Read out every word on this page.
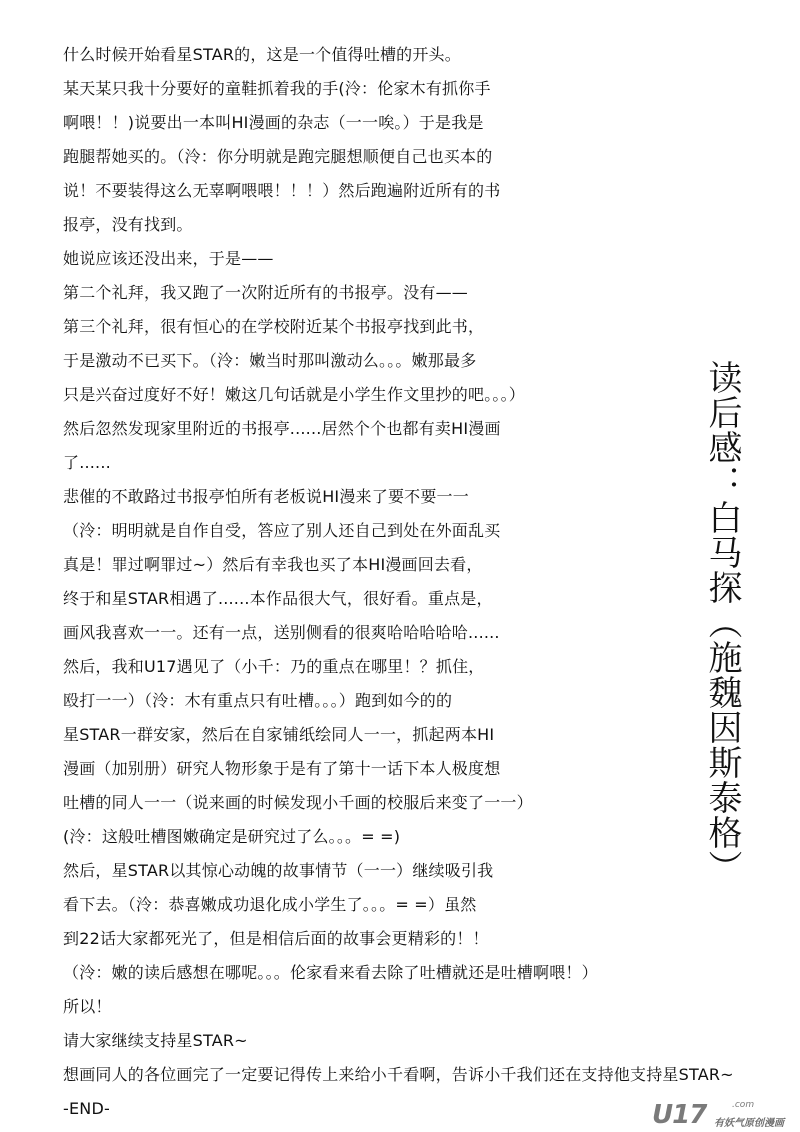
什么时候开始看星STAR的，这是一个值得吐槽的开头。
某天某只我十分要好的童鞋抓着我的手(泠：伦家木有抓你手
啊喂！！)说要出一本叫HI漫画的杂志（一一唉。）于是我是
跑腿帮她买的。（泠：你分明就是跑完腿想顺便自己也买本的
说！不要装得这么无辜啊喂喂！！！）然后跑遍附近所有的书
报亭，没有找到。
她说应该还没出来，于是——
第二个礼拜，我又跑了一次附近所有的书报亭。没有——
第三个礼拜，很有恒心的在学校附近某个书报亭找到此书，
于是激动不已买下。（泠：嫩当时那叫激动么。。。嫩那最多
只是兴奋过度好不好！嫩这几句话就是小学生作文里抄的吧。。。）
然后忽然发现家里附近的书报亭......居然个个也都有卖HI漫画
了......
悲催的不敢路过书报亭怕所有老板说HI漫来了要不要一一
（泠：明明就是自作自受，答应了别人还自己到处在外面乱买
真是！罪过啊罪过~）然后有幸我也买了本HI漫画回去看，
终于和星STAR相遇了......本作品很大气，很好看。重点是，
画风我喜欢一一。还有一点，送别侧看的很爽哈哈哈哈哈......
然后，我和U17遇见了（小千：乃的重点在哪里！？抓住，
殴打一一）（泠：木有重点只有吐槽。。。）跑到如今的的
星STAR一群安家，然后在自家铺纸绘同人一一，抓起两本HI
漫画（加别册）研究人物形象于是有了第十一话下本人极度想
吐槽的同人一一（说来画的时候发现小千画的校服后来变了一一）
(泠：这般吐槽图嫩确定是研究过了么。。。= =)
然后，星STAR以其惊心动魄的故事情节（一一）继续吸引我
看下去。（泠：恭喜嫩成功退化成小学生了。。。= =）虽然
到22话大家都死光了，但是相信后面的故事会更精彩的！！
（泠：嫩的读后感想在哪呢。。。伦家看来看去除了吐槽就还是吐槽啊喂！）
所以！
请大家继续支持星STAR~
想画同人的各位画完了一定要记得传上来给小千看啊，告诉小千我们还在支持他支持星STAR~
-END-
读后感：白马探（施魏因斯泰格）
U17	.com
有妖气原创漫画
